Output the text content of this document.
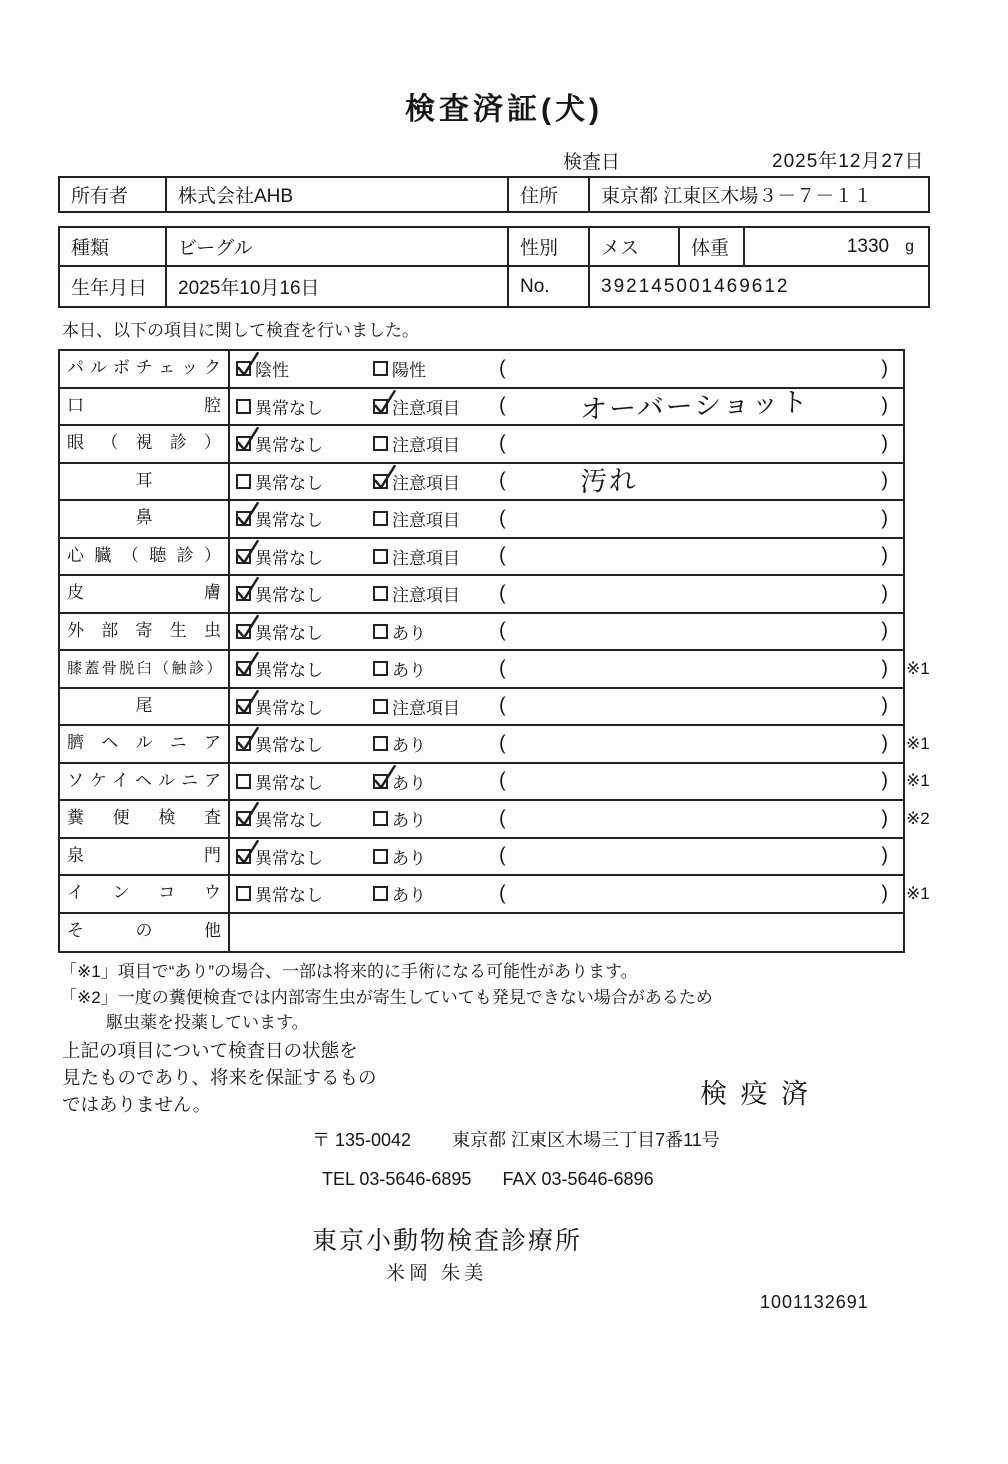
検査済証(犬)
検査日	2025年12月27日
所有者	株式会社AHB	住所	東京都 江東区木場３－７－１１
種類	ビーグル	性別	メス	体重	1330 g
生年月日	2025年10月16日	No.	392145001469612
本日、以下の項目に関して検査を行いました。
パルボチェック	陰性	陽性	(	)
口腔	異常なし	注意項目 (	オーバーショット	)
眼（視診）	異常なし	注意項目 (	)
耳	異常なし	注意項目 (	汚れ	)
鼻	異常なし	注意項目 (	)
心臓（聴診）	異常なし	注意項目 (	)
皮膚	異常なし	注意項目 (	)
外部寄生虫	異常なし	あり	(	)
膝蓋骨脱臼（触診）	異常なし	あり	(	) ※1
尾	異常なし	注意項目 (	)
臍ヘルニア	異常なし	あり	(	) ※1
ソケイヘルニア	異常なし	あり	(	) ※1
糞便検査	異常なし	あり	(	) ※2
泉門	異常なし	あり	(	)
インコウ	異常なし	あり	(	) ※1
その他
「※1」項目で“あり”の場合、一部は将来的に手術になる可能性があります。
「※2」一度の糞便検査では内部寄生虫が寄生していても発見できない場合があるため
駆虫薬を投薬しています。
上記の項目について検査日の状態を
見たものであり、将来を保証するもの
ではありません。	検 疫 済
〒 135-0042 東京都 江東区木場三丁目7番11号
TEL 03-5646-6895 FAX 03-5646-6896
東京小動物検査診療所
米岡 朱美
1001132691
